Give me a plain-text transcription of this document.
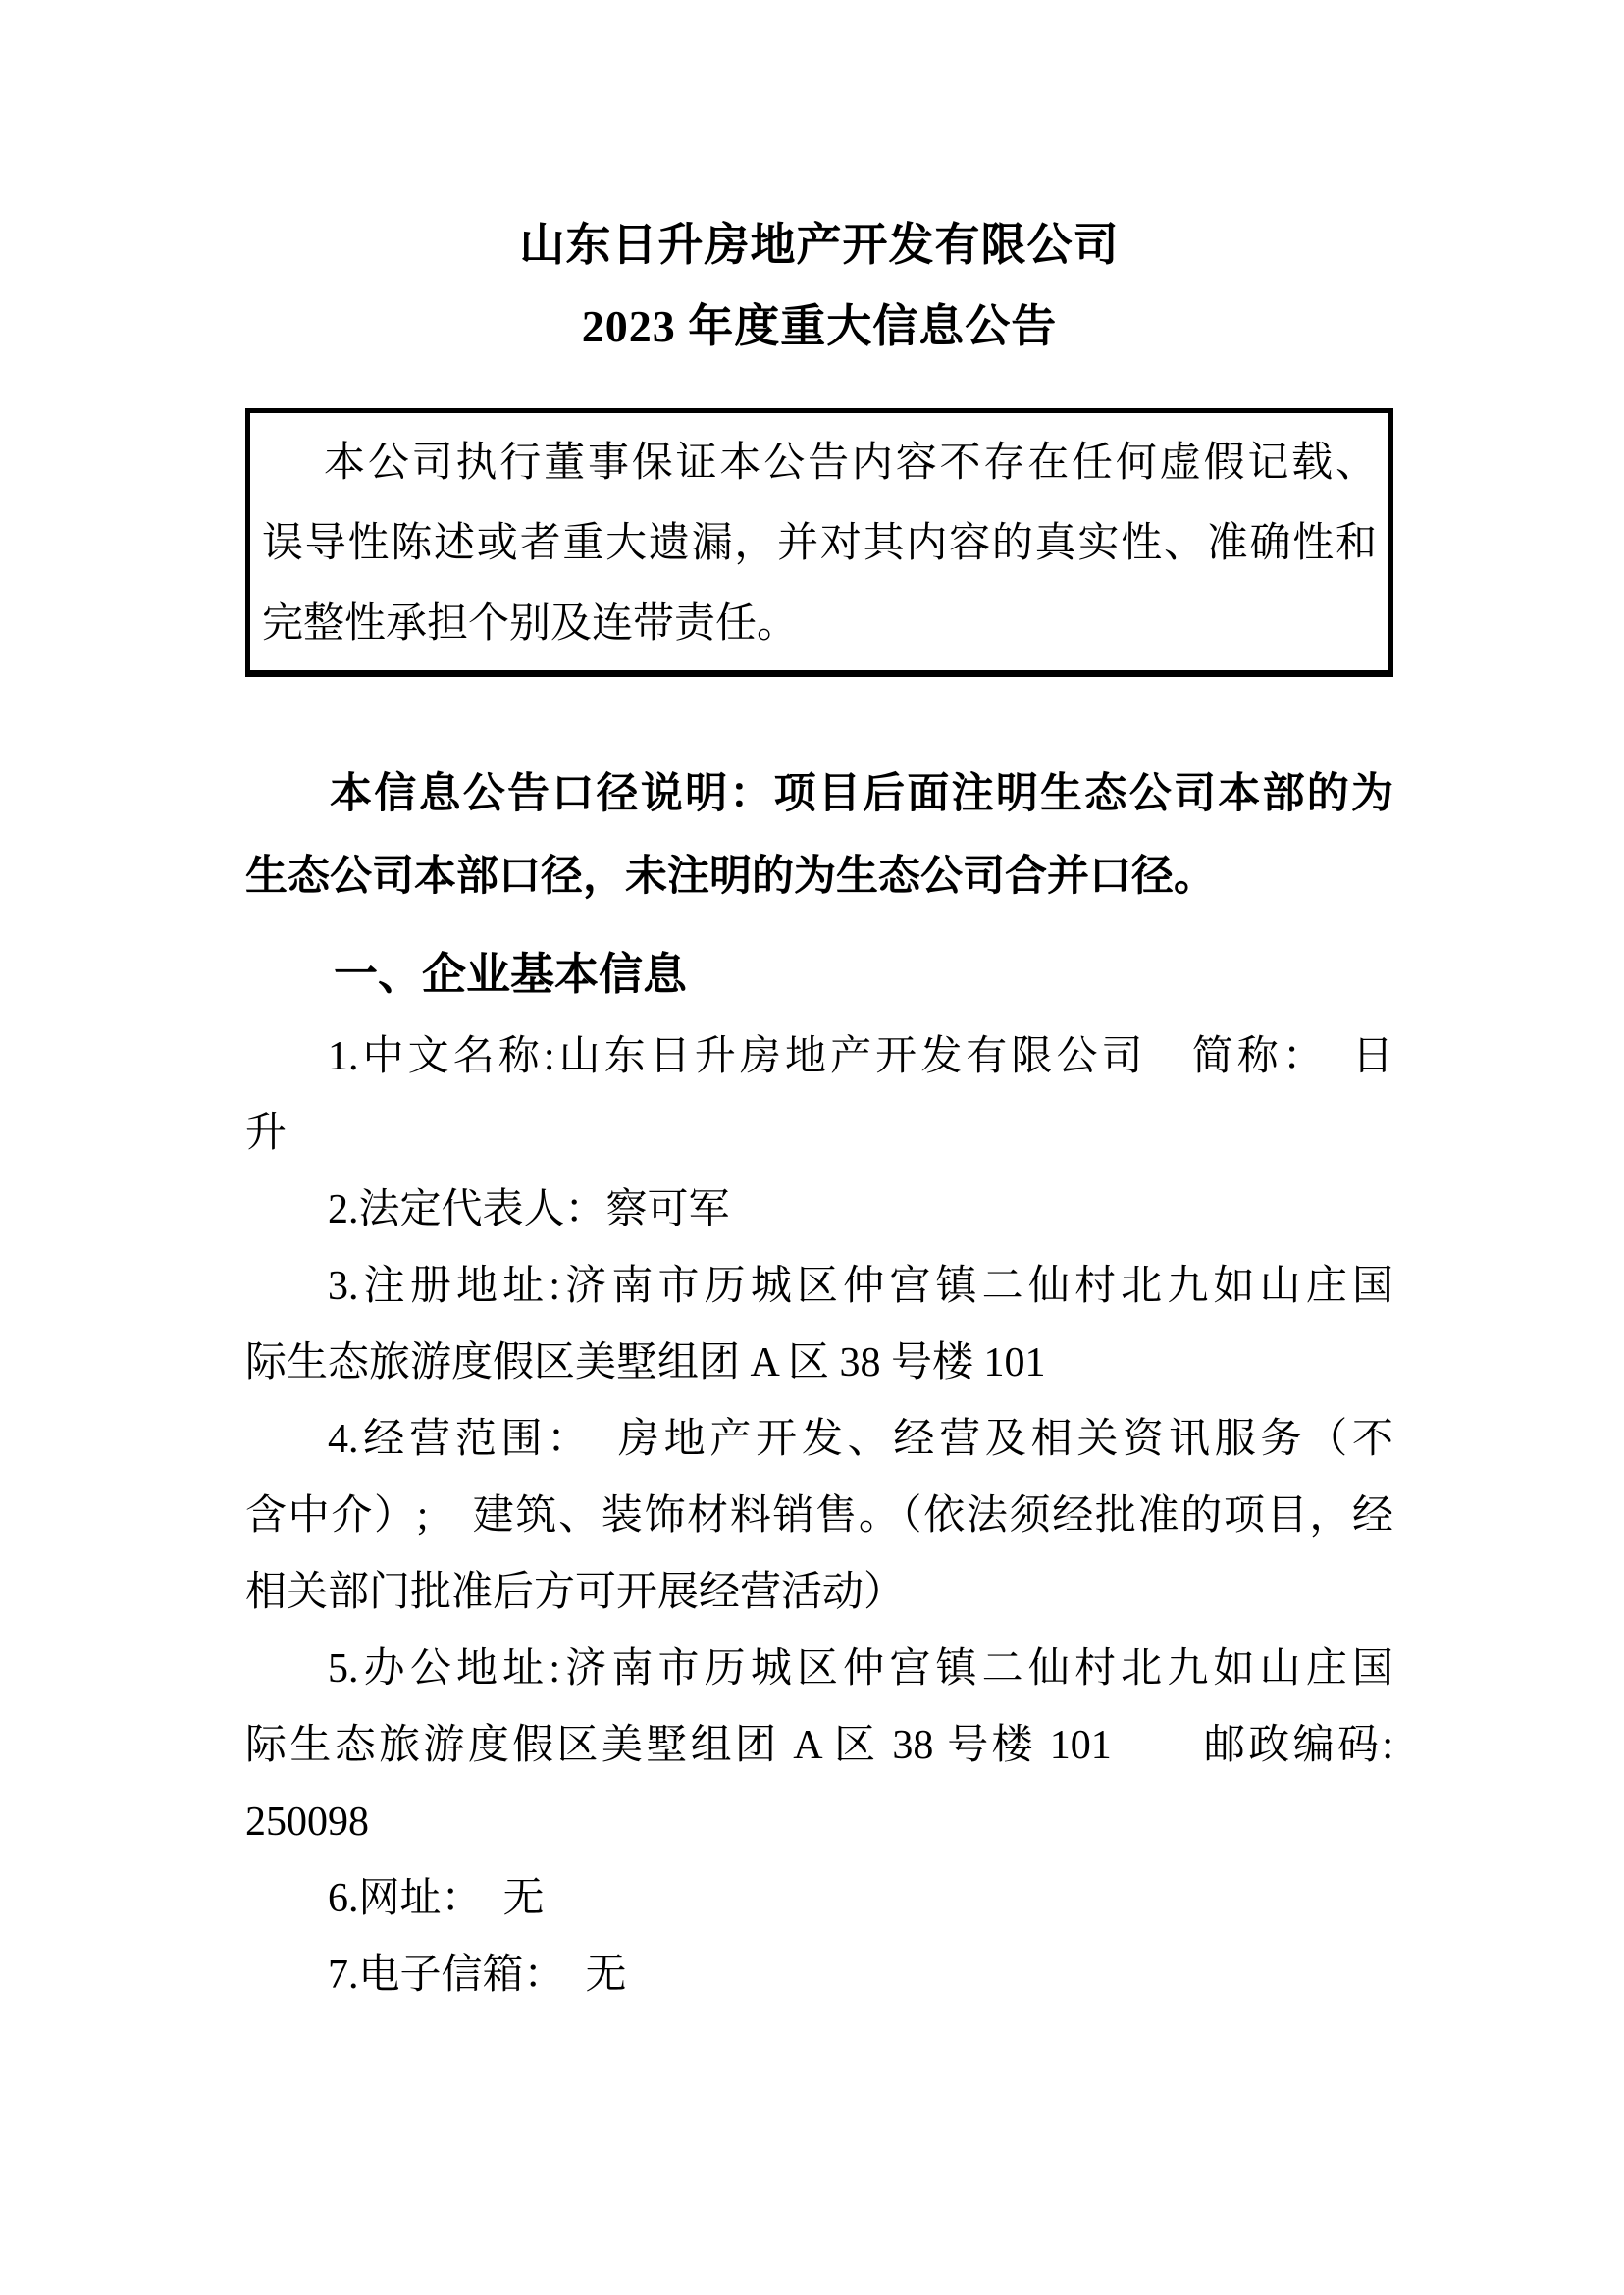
山东日升房地产开发有限公司
2023 年度重大信息公告
本公司执行董事保证本公告内容不存在任何虚假记载、
误导性陈述或者重大遗漏，并对其内容的真实性、准确性和
完整性承担个别及连带责任。
本信息公告口径说明：项目后面注明生态公司本部的为
生态公司本部口径，未注明的为生态公司合并口径。
一、企业基本信息
1.中文名称:山东日升房地产开发有限公司　简称：　日
升
2.法定代表人：察可军
3.注册地址:济南市历城区仲宫镇二仙村北九如山庄国
际生态旅游度假区美墅组团 A 区 38 号楼 101
4.经营范围：　房地产开发、经营及相关资讯服务（不
含中介）;　建筑、装饰材料销售。（依法须经批准的项目，经
相关部门批准后方可开展经营活动）
5.办公地址:济南市历城区仲宫镇二仙村北九如山庄国
际生态旅游度假区美墅组团 A 区 38 号楼 101　　邮政编码:
250098
6.网址：　无
7.电子信箱：　无
